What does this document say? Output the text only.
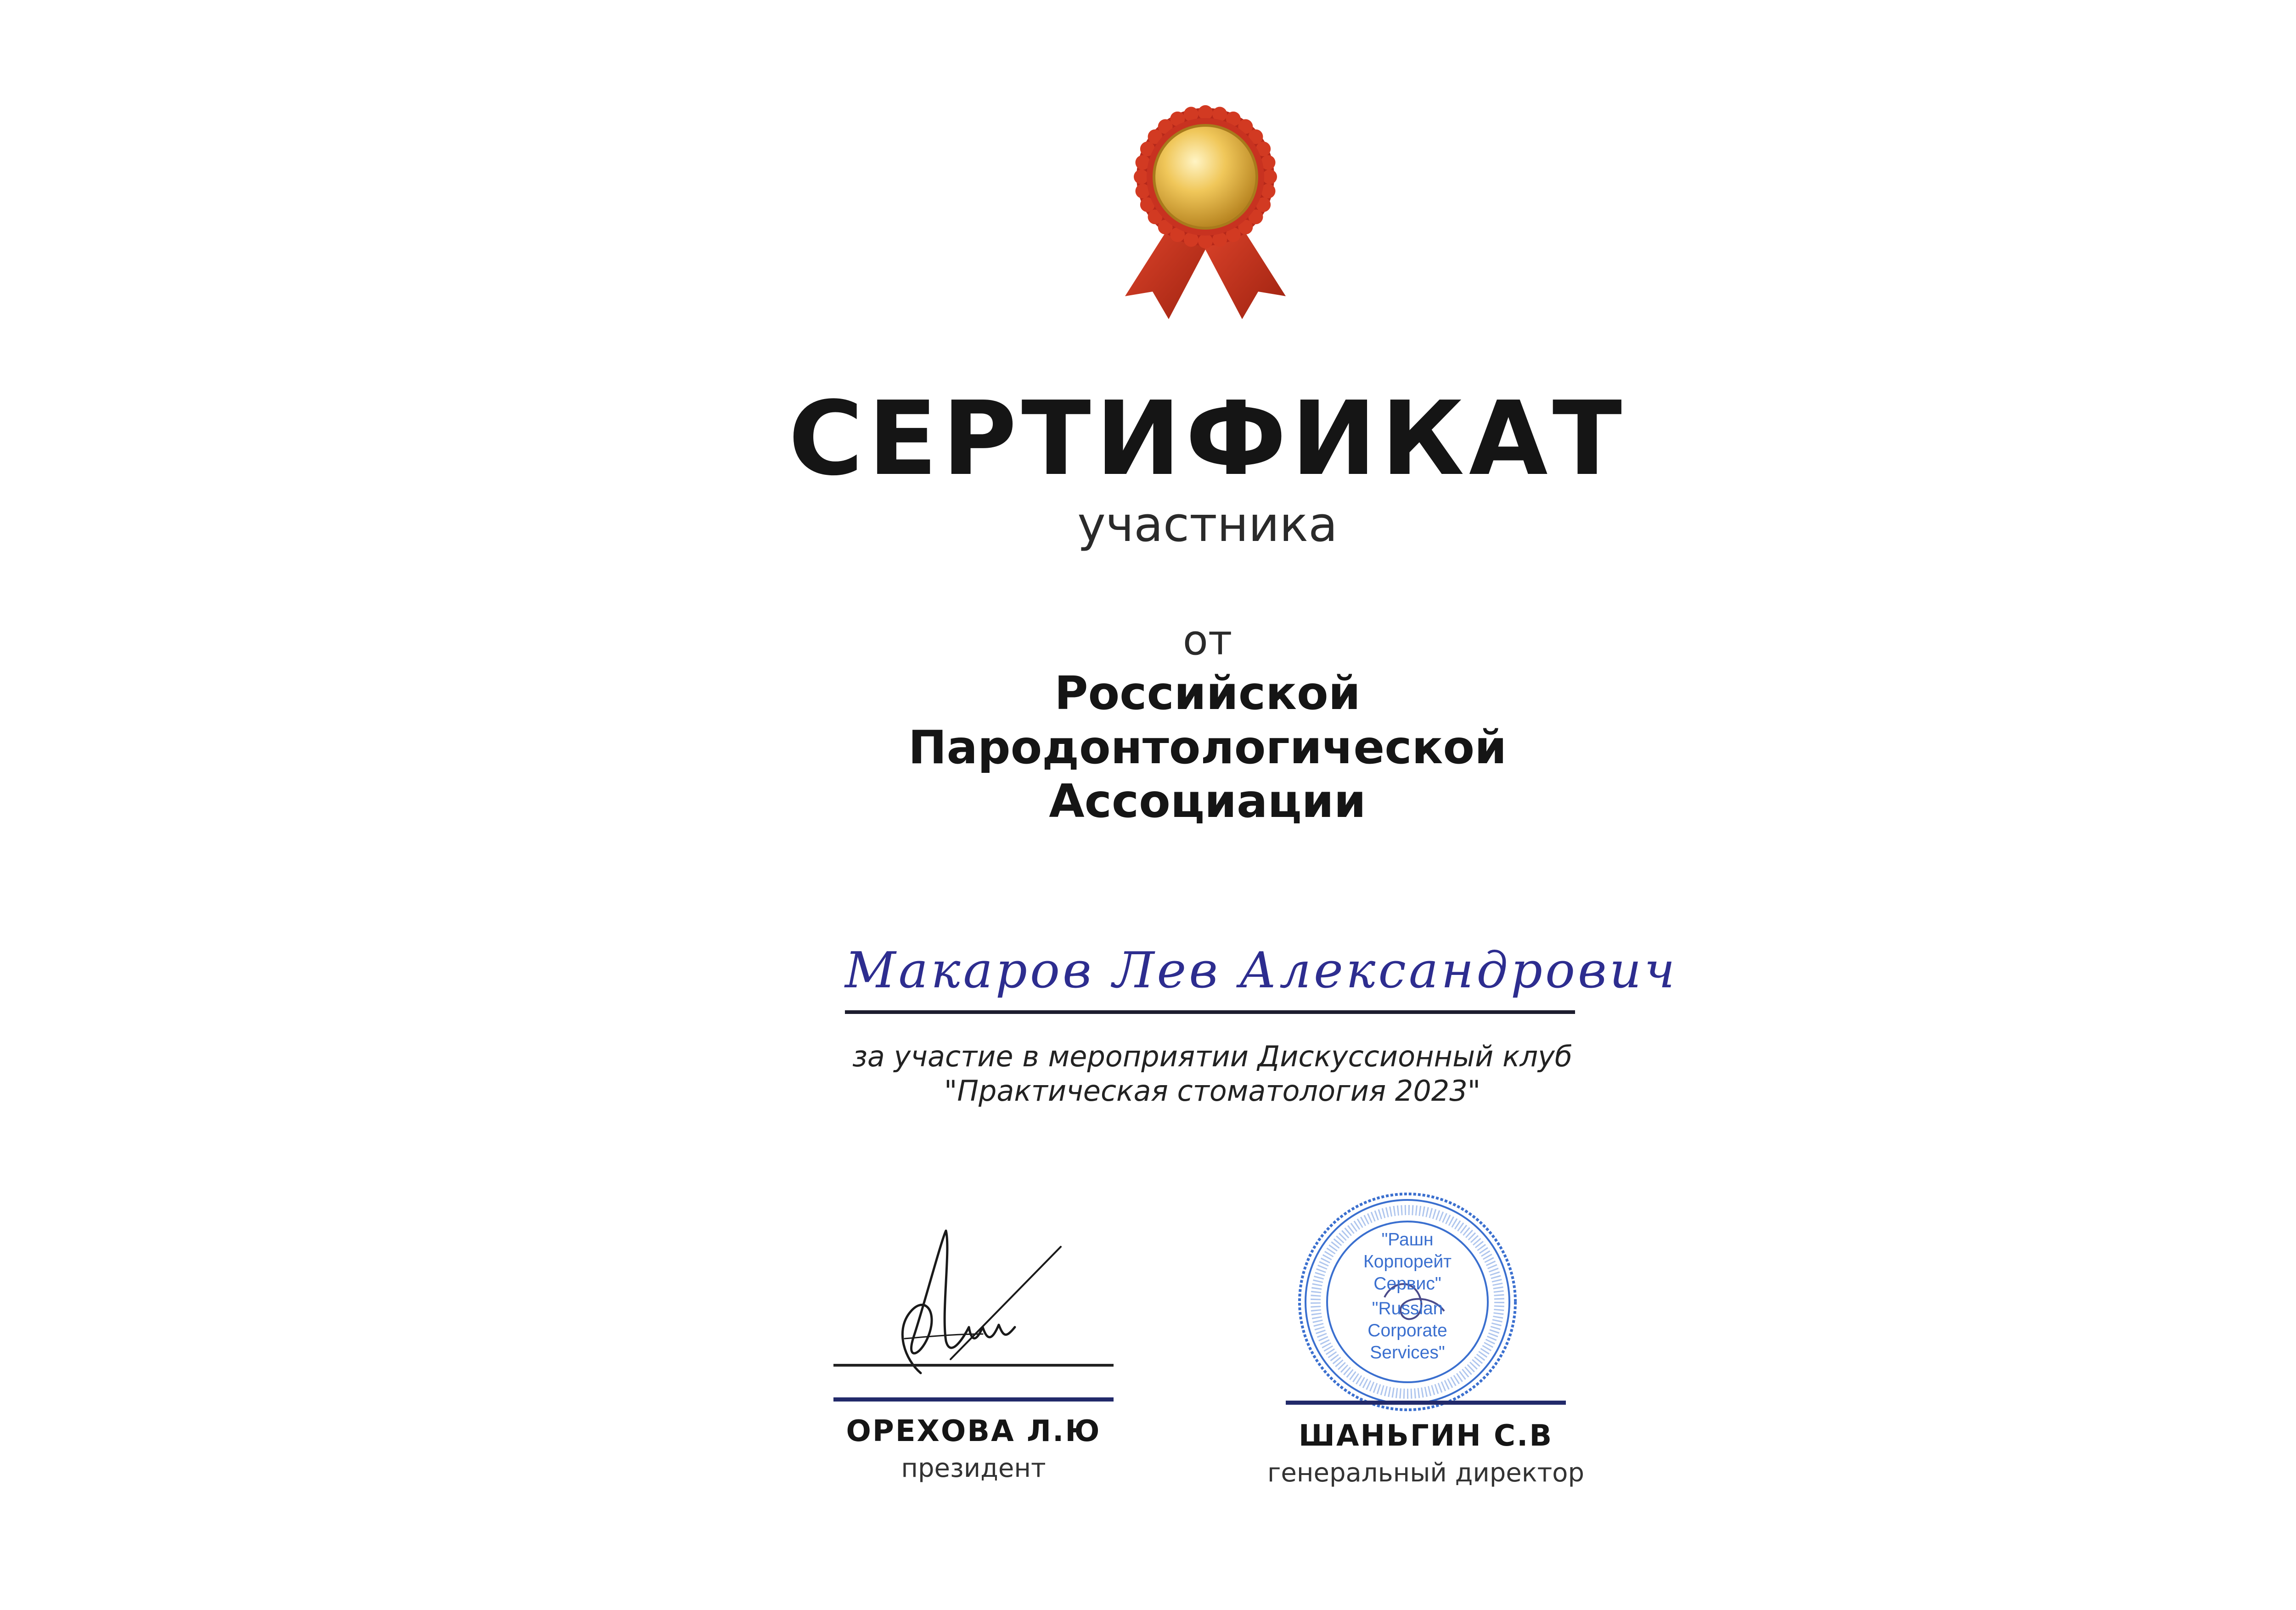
СЕРТИФИКАТ
участника
от
Российской
Пародонтологической
Ассоциации
Макаров Лев Александрович
за участие в мероприятии Дискуссионный клуб
"Практическая стоматология 2023"
ОРЕХОВА Л.Ю
президент
"Рашн
Корпорейт
Сервис"
"Russian
Corporate
Services"
ШАНЬГИН С.В
генеральный директор
